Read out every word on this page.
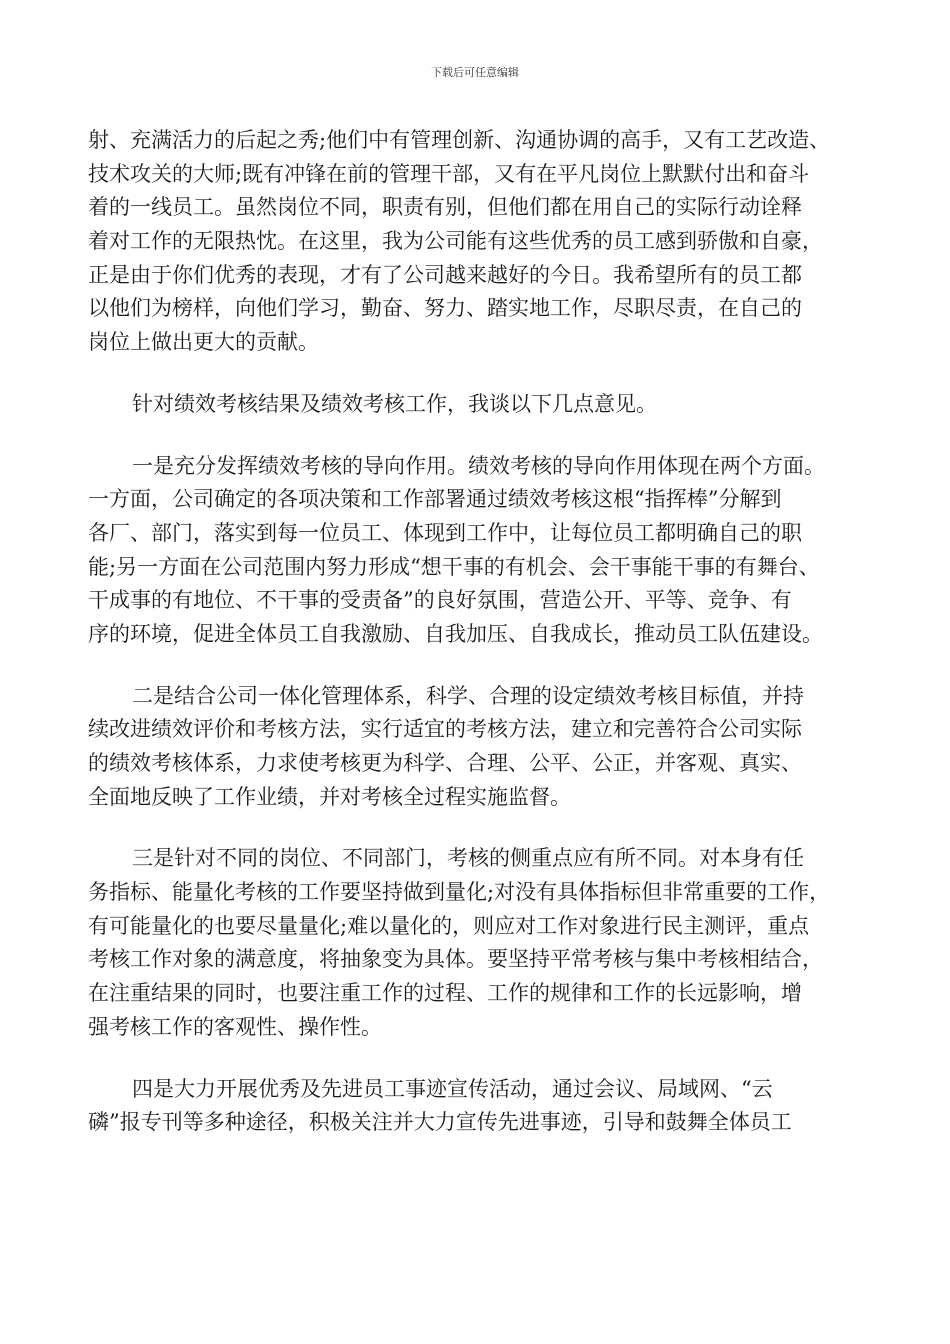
下载后可任意编辑
射、充满活力的后起之秀;他们中有管理创新、沟通协调的高手，又有工艺改造、
技术攻关的大师;既有冲锋在前的管理干部，又有在平凡岗位上默默付出和奋斗
着的一线员工。虽然岗位不同，职责有别，但他们都在用自己的实际行动诠释
着对工作的无限热忱。在这里，我为公司能有这些优秀的员工感到骄傲和自豪，
正是由于你们优秀的表现，才有了公司越来越好的今日。我希望所有的员工都
以他们为榜样，向他们学习，勤奋、努力、踏实地工作，尽职尽责，在自己的
岗位上做出更大的贡献。
针对绩效考核结果及绩效考核工作，我谈以下几点意见。
一是充分发挥绩效考核的导向作用。绩效考核的导向作用体现在两个方面。
一方面，公司确定的各项决策和工作部署通过绩效考核这根“指挥棒”分解到
各厂、部门，落实到每一位员工、体现到工作中，让每位员工都明确自己的职
能;另一方面在公司范围内努力形成“想干事的有机会、会干事能干事的有舞台、
干成事的有地位、不干事的受责备”的良好氛围，营造公开、平等、竞争、有
序的环境，促进全体员工自我激励、自我加压、自我成长，推动员工队伍建设。
二是结合公司一体化管理体系，科学、合理的设定绩效考核目标值，并持
续改进绩效评价和考核方法，实行适宜的考核方法，建立和完善符合公司实际
的绩效考核体系，力求使考核更为科学、合理、公平、公正，并客观、真实、
全面地反映了工作业绩，并对考核全过程实施监督。
三是针对不同的岗位、不同部门，考核的侧重点应有所不同。对本身有任
务指标、能量化考核的工作要坚持做到量化;对没有具体指标但非常重要的工作，
有可能量化的也要尽量量化;难以量化的，则应对工作对象进行民主测评，重点
考核工作对象的满意度，将抽象变为具体。要坚持平常考核与集中考核相结合，
在注重结果的同时，也要注重工作的过程、工作的规律和工作的长远影响，增
强考核工作的客观性、操作性。
四是大力开展优秀及先进员工事迹宣传活动，通过会议、局域网、“云
磷”报专刊等多种途径，积极关注并大力宣传先进事迹，引导和鼓舞全体员工
